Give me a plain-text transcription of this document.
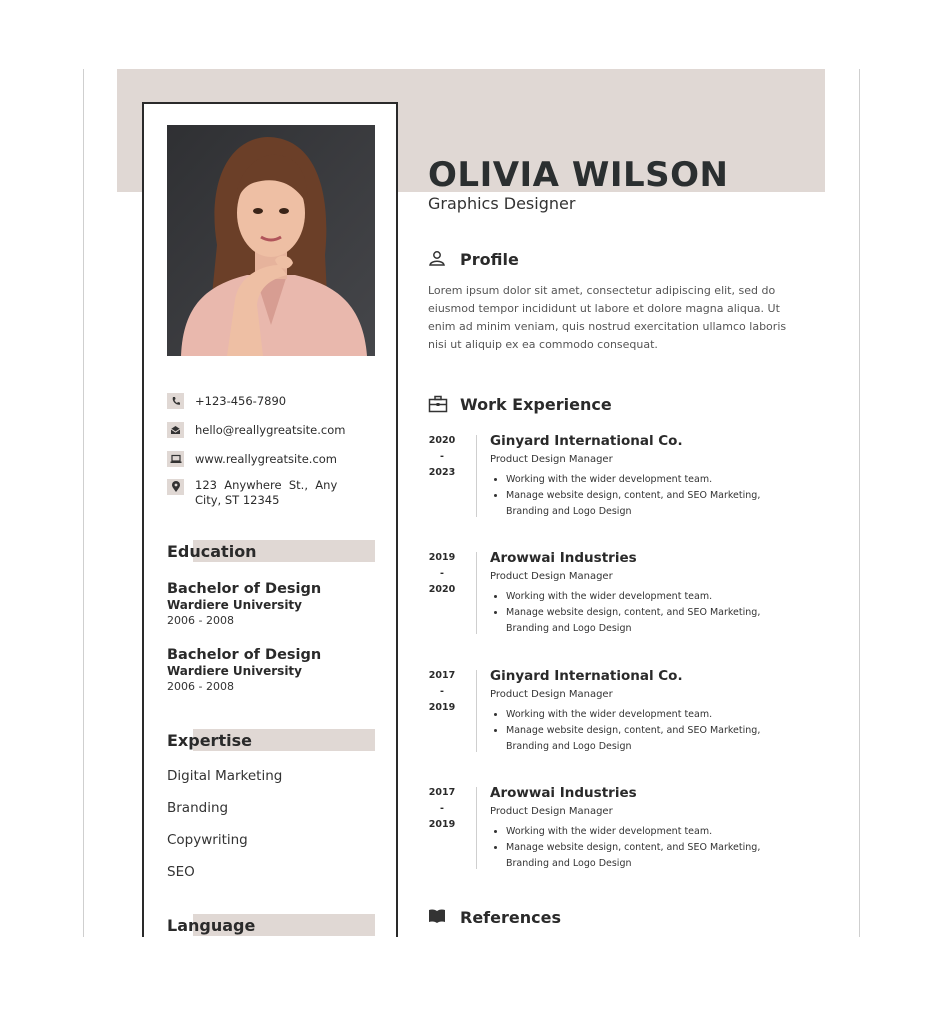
+123-456-7890
hello@reallygreatsite.com
www.reallygreatsite.com
123  Anywhere  St.,  Any
City, ST 12345
Education
Bachelor of Design
Wardiere University
2006 - 2008
Bachelor of Design
Wardiere University
2006 - 2008
Expertise
Digital Marketing
Branding
Copywriting
SEO
Language
OLIVIA WILSON
Graphics Designer
Profile
Lorem ipsum dolor sit amet, consectetur adipiscing elit, sed do eiusmod tempor incididunt ut labore et dolore magna aliqua. Ut enim ad minim veniam, quis nostrud exercitation ullamco laboris nisi ut aliquip ex ea commodo consequat.
Work Experience
2020
-
2023
Ginyard International Co.
Product Design Manager
• Working with the wider development team.
• Manage website design, content, and SEO Marketing, Branding and Logo Design
2019
-
2020
Arowwai Industries
Product Design Manager
• Working with the wider development team.
• Manage website design, content, and SEO Marketing, Branding and Logo Design
2017
-
2019
Ginyard International Co.
Product Design Manager
• Working with the wider development team.
• Manage website design, content, and SEO Marketing, Branding and Logo Design
2017
-
2019
Arowwai Industries
Product Design Manager
• Working with the wider development team.
• Manage website design, content, and SEO Marketing, Branding and Logo Design
References
